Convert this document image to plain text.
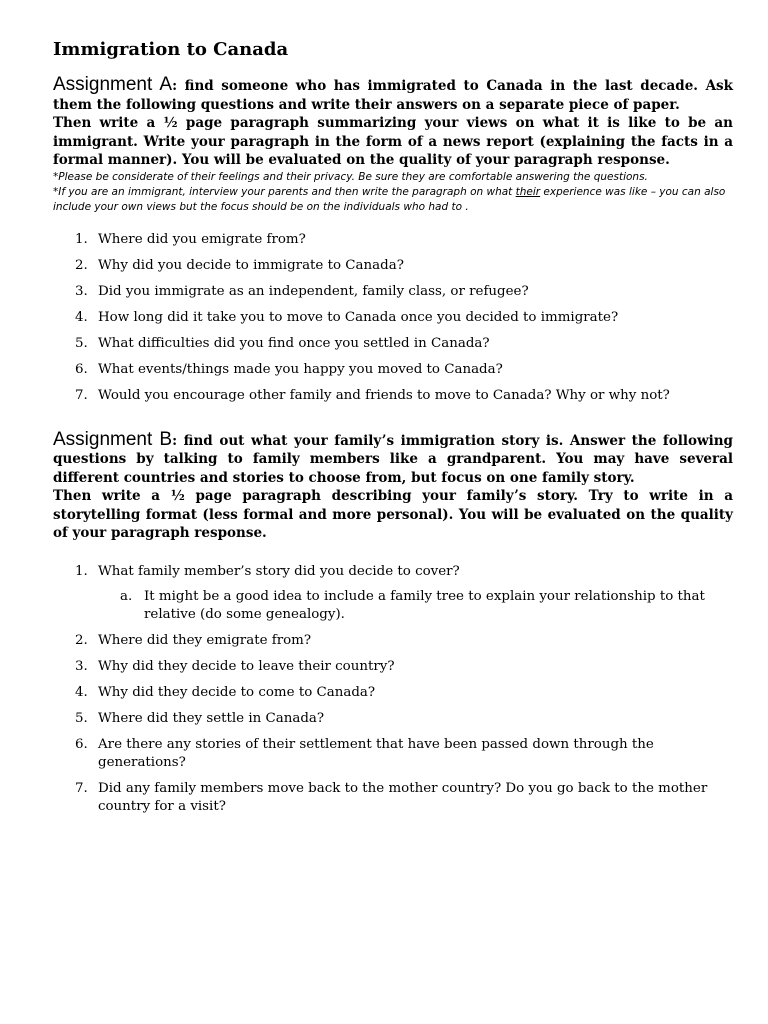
Immigration to Canada

Assignment A: find someone who has immigrated to Canada in the last decade. Ask them the following questions and write their answers on a separate piece of paper.

Then write a ½ page paragraph summarizing your views on what it is like to be an immigrant. Write your paragraph in the form of a news report (explaining the facts in a formal manner). You will be evaluated on the quality of your paragraph response.

*Please be considerate of their feelings and their privacy. Be sure they are comfortable answering the questions.

*If you are an immigrant, interview your parents and then write the paragraph on what their experience was like – you can also include your own views but the focus should be on the individuals who had to .

1. Where did you emigrate from?
2. Why did you decide to immigrate to Canada?
3. Did you immigrate as an independent, family class, or refugee?
4. How long did it take you to move to Canada once you decided to immigrate?
5. What difficulties did you find once you settled in Canada?
6. What events/things made you happy you moved to Canada?
7. Would you encourage other family and friends to move to Canada? Why or why not?

Assignment B: find out what your family’s immigration story is. Answer the following questions by talking to family members like a grandparent. You may have several different countries and stories to choose from, but focus on one family story.

Then write a ½ page paragraph describing your family’s story. Try to write in a storytelling format (less formal and more personal). You will be evaluated on the quality of your paragraph response.

1. What family member’s story did you decide to cover?
a. It might be a good idea to include a family tree to explain your relationship to that relative (do some genealogy).
2. Where did they emigrate from?
3. Why did they decide to leave their country?
4. Why did they decide to come to Canada?
5. Where did they settle in Canada?
6. Are there any stories of their settlement that have been passed down through the generations?
7. Did any family members move back to the mother country? Do you go back to the mother country for a visit?
